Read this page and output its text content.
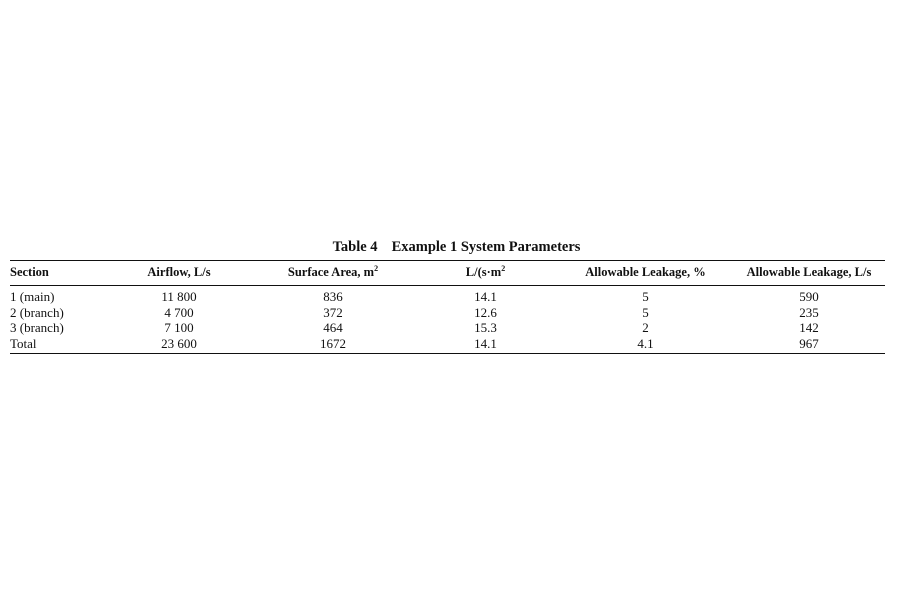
Table 4 Example 1 System Parameters
Section	Airflow, L/s	Surface Area, $m^2$	$L/(s\cdot m^2$	Allowable Leakage, %	Allowable Leakage, L/s
1 (main)	11 800	836	14.1	5	590
2 (branch)	4 700	372	12.6	5	235
3 (branch)	7 100	464	15.3	2	142
Total	23 600	1672	14.1	4.1	967
